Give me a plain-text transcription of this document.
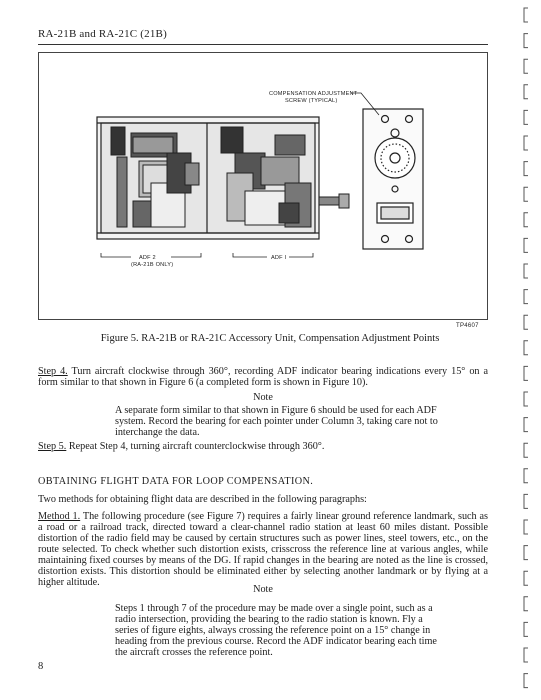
RA-21B and RA-21C (21B)
COMPENSATION ADJUSTMENT
SCREW (TYPICAL)
ADF 2
(RA-21B ONLY)
ADF I
TP4607
Figure 5. RA-21B or RA-21C Accessory Unit, Compensation Adjustment Points
Step 4. Turn aircraft clockwise through 360°, recording ADF indicator bearing indications every 15° on a form similar to that shown in Figure 6 (a completed form is shown in Figure 10).
Note
A separate form similar to that shown in Figure 6 should be used for each ADF system. Record the bearing for each pointer under Column 3, taking care not to interchange the data.
Step 5. Repeat Step 4, turning aircraft counterclockwise through 360°.
OBTAINING FLIGHT DATA FOR LOOP COMPENSATION.
Two methods for obtaining flight data are described in the following paragraphs:
Method 1. The following procedure (see Figure 7) requires a fairly linear ground reference landmark, such as a road or a railroad track, directed toward a clear-channel radio station at least 60 miles distant. Possible distortion of the radio field may be caused by certain structures such as power lines, steel towers, etc., on the route selected. To check whether such distortion exists, crisscross the reference line at various angles, while maintaining fixed courses by means of the DG. If rapid changes in the bearing are noted as the line is crossed, distortion exists. This distortion should be eliminated either by selecting another landmark or by flying at a higher altitude.
Note
Steps 1 through 7 of the procedure may be made over a single point, such as a radio intersection, providing the bearing to the radio station is known. Fly a series of figure eights, always crossing the reference point on a 15° change in heading from the previous course. Record the ADF indicator bearing each time the aircraft crosses the reference point.
8
